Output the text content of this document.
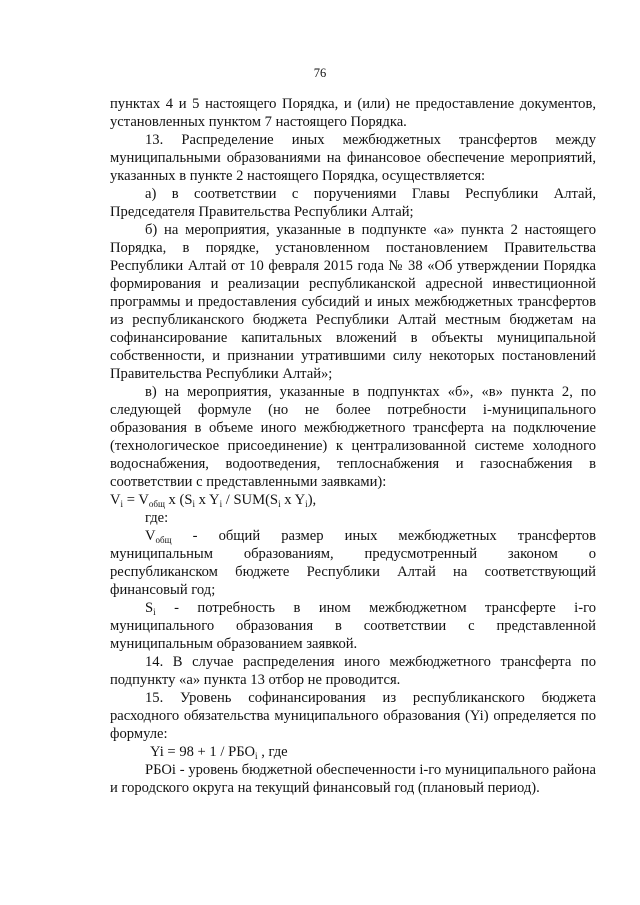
76

пунктах 4 и 5 настоящего Порядка, и (или) не предоставление документов, установленных пунктом 7 настоящего Порядка.

13. Распределение иных межбюджетных трансфертов между муниципальными образованиями на финансовое обеспечение мероприятий, указанных в пункте 2 настоящего Порядка, осуществляется:

а) в соответствии с поручениями Главы Республики Алтай, Председателя Правительства Республики Алтай;

б) на мероприятия, указанные в подпункте «а» пункта 2 настоящего Порядка, в порядке, установленном постановлением Правительства Республики Алтай от 10 февраля 2015 года № 38 «Об утверждении Порядка формирования и реализации республиканской адресной инвестиционной программы и предоставления субсидий и иных межбюджетных трансфертов из республиканского бюджета Республики Алтай местным бюджетам на софинансирование капитальных вложений в объекты муниципальной собственности, и признании утратившими силу некоторых постановлений Правительства Республики Алтай»;

в) на мероприятия, указанные в подпунктах «б», «в» пункта 2, по следующей формуле (но не более потребности i-муниципального образования в объеме иного межбюджетного трансферта на подключение (технологическое присоединение) к централизованной системе холодного водоснабжения, водоотведения, теплоснабжения и газоснабжения в соответствии с представленными заявками):

$V_i = V_{общ}$ x ($S_i$ x $Y_i / SUM(S_i$ x $Y_i$),

где:

$V_{общ}$ - общий размер иных межбюджетных трансфертов муниципальным образованиям, предусмотренный законом о республиканском бюджете Республики Алтай на соответствующий финансовый год;

$S_i$ - потребность в ином межбюджетном трансферте i-го муниципального образования в соответствии с представленной муниципальным образованием заявкой.

14. В случае распределения иного межбюджетного трансферта по подпункту «а» пункта 13 отбор не проводится.

15. Уровень софинансирования из республиканского бюджета расходного обязательства муниципального образования (Yi) определяется по формуле:

$Yi = 98 + 1 / РБО_i$ , где

РБОi - уровень бюджетной обеспеченности i-го муниципального района и городского округа на текущий финансовый год (плановый период).
